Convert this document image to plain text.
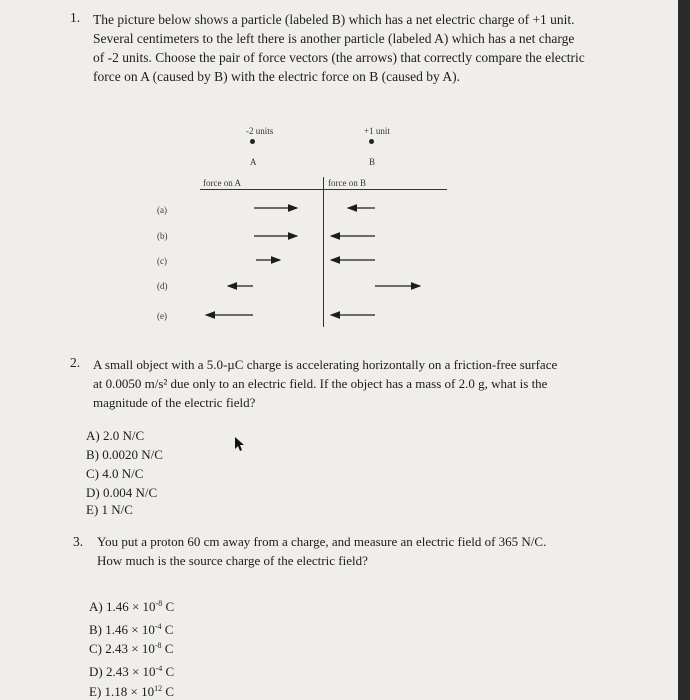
1. The picture below shows a particle (labeled B) which has a net electric charge of +1 unit.
Several centimeters to the left there is another particle (labeled A) which has a net charge
of -2 units. Choose the pair of force vectors (the arrows) that correctly compare the electric
force on A (caused by B) with the electric force on B (caused by A).
-2 units	+1 unit
A	B
force on A	force on B
(a)
(b)
(c)
(d)
(e)
2. A small object with a 5.0-µC charge is accelerating horizontally on a friction-free surface
at 0.0050 m/s² due only to an electric field. If the object has a mass of 2.0 g, what is the
magnitude of the electric field?
A) 2.0 N/C
B) 0.0020 N/C
C) 4.0 N/C
D) 0.004 N/C
E) 1 N/C
3. You put a proton 60 cm away from a charge, and measure an electric field of 365 N/C.
How much is the source charge of the electric field?
A) $1.46 \times 10^{-8}$ C
B) $1.46 \times 10^{-4}$ C
C) $2.43 \times 10^{-8}$ C
D) $2.43 \times 10^{-4}$ C
E) $1.18 \times 10^{12}$ C
